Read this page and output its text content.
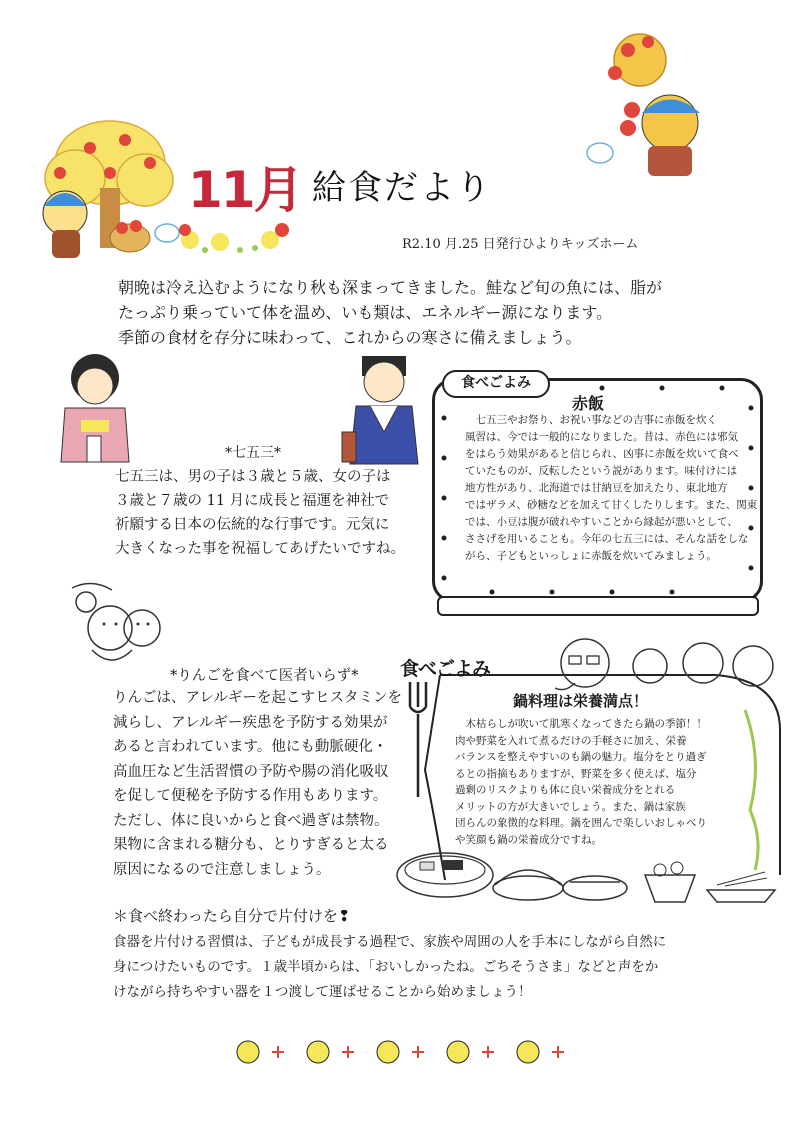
11月 給食だより
R2.10 月.25 日発行ひよりキッズホーム
朝晩は冷え込むようになり秋も深まってきました。鮭など旬の魚には、脂が
たっぷり乗っていて体を温め、いも類は、エネルギー源になります。
季節の食材を存分に味わって、これからの寒さに備えましょう。
*七五三*
七五三は、男の子は３歳と５歳、女の子は
３歳と７歳の 11 月に成長と福運を神社で
祈願する日本の伝統的な行事です。元気に
大きくなった事を祝福してあげたいですね。
食べごよみ
赤飯
　七五三やお祭り、お祝い事などの吉事に赤飯を炊く
風習は、今では一般的になりました。昔は、赤色には邪気
をはらう効果があると信じられ、凶事に赤飯を炊いて食べ
ていたものが、反転したという説があります。味付けには
地方性があり、北海道では甘納豆を加えたり、東北地方
ではザラメ、砂糖などを加えて甘くしたりします。また、関東
では、小豆は腹が破れやすいことから縁起が悪いとして、
ささげを用いることも。今年の七五三には、そんな話をしな
がら、子どもといっしょに赤飯を炊いてみましょう。
*りんごを食べて医者いらず*
りんごは、アレルギーを起こすヒスタミンを
減らし、アレルギー疾患を予防する効果が
あると言われています。他にも動脈硬化・
高血圧など生活習慣の予防や腸の消化吸収
を促して便秘を予防する作用もあります。
ただし、体に良いからと食べ過ぎは禁物。
果物に含まれる糖分も、とりすぎると太る
原因になるので注意しましょう。
食べごよみ
鍋料理は栄養満点！
　木枯らしが吹いて肌寒くなってきたら鍋の季節！！
肉や野菜を入れて煮るだけの手軽さに加え、栄養
バランスを整えやすいのも鍋の魅力。塩分をとり過ぎ
るとの指摘もありますが、野菜を多く使えば、塩分
過剰のリスクよりも体に良い栄養成分をとれる
メリットの方が大きいでしょう。また、鍋は家族
団らんの象徴的な料理。鍋を囲んで楽しいおしゃべり
や笑顔も鍋の栄養成分ですね。
＊食べ終わったら自分で片付けを❢
食器を片付ける習慣は、子どもが成長する過程で、家族や周囲の人を手本にしながら自然に
身につけたいものです。１歳半頃からは、「おいしかったね。ごちそうさま」などと声をか
けながら持ちやすい器を１つ渡して運ばせることから始めましょう！
